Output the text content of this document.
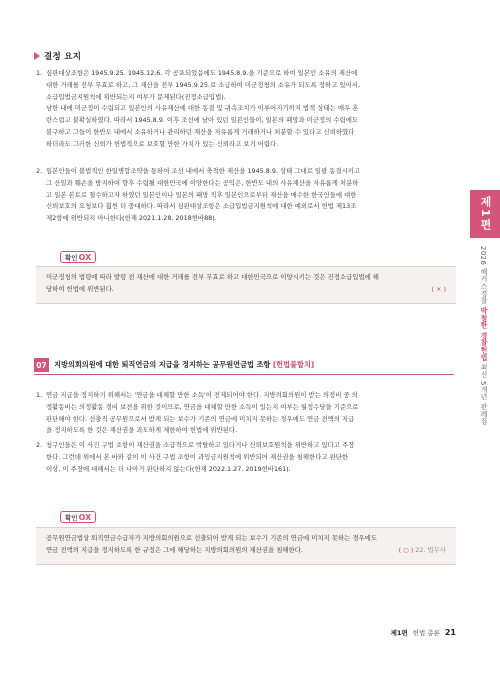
결정 요지
1. 심판대상조항은 1945.9.25. 1945.12.6. 각 공포되었음에도 1945.8.9.을 기준으로 하여 일본인 소유의 재산에
대한 거래를 전부 무효로 하고, 그 재산을 전부 1945.9.25.로 소급하여 미군정청의 소유가 되도록 정하고 있어서,
소급입법금지원칙에 위반되는지 여부가 문제된다(진정소급입법).
남한 내에 미군정이 수립되고 일본인의 사유재산에 대한 동결 및 귀속조치가 이루어지기까지 법적 상태는 매우 혼
란스럽고 불확실하였다. 따라서 1945.8.9. 이후 조선에 남아 있던 일본인들이, 일본의 패망과 미군정의 수립에도
불구하고 그들이 한반도 내에서 소유하거나 관리하던 재산을 자유롭게 거래하거나 처분할 수 있다고 신뢰하였다
하더라도 그러한 신뢰가 헌법적으로 보호할 만한 가치가 있는 신뢰라고 보기 어렵다.
2. 일본인들이 불법적인 한일병합조약을 통하여 조선 내에서 축적한 재산을 1945.8.9. 상태 그대로 일괄 동결시키고
그 산일과 훼손을 방지하여 향후 수립될 대한민국에 이양한다는 공익은, 한반도 내의 사유재산을 자유롭게 처분하
고 일본 본토로 철수하고자 하였던 일본인이나 일본의 패망 직후 일본인으로부터 재산을 매수한 한국인들에 대한
신뢰보호의 요청보다 훨씬 더 중대하다. 따라서 심판대상조항은 소급입법금지원칙에 대한 예외로서 헌법 제13조
제2항에 위반되지 아니한다(헌재 2021.1.28. 2018헌바88).
확인 OX
미군정청의 법령에 따라 발령 전 재산에 대한 거래를 전부 무효로 하고 대한민국으로 이양시키는 것은 진정소급입법에 해
당하여 헌법에 위반된다.	( × )
07	지방의회의원에 대한 퇴직연금의 지급을 정지하는 공무원연금법 조항 [헌법불합치]
1. 연금 지급을 정지하기 위해서는 '연금을 대체할 만한 소득'이 전제되어야 한다. 지방의회의원이 받는 의정비 중 의
정활동비는 의정활동 경비 보전을 위한 것이므로, 연금을 대체할 만한 소득이 있는지 여부는 월정수당을 기준으로
판단해야 한다. 선출직 공무원으로서 받게 되는 보수가 기존의 연금에 미치지 못하는 경우에도 연금 전액의 지급
을 정지하도록 한 것은 재산권을 과도하게 제한하여 헌법에 위반된다.
2. 청구인들은 이 사건 구법 조항이 재산권을 소급적으로 박탈하고 있다거나 신뢰보호원칙을 위반하고 있다고 주장
한다. 그런데 위에서 본 바와 같이 이 사건 구법 조항이 과잉금지원칙에 위반되어 재산권을 침해한다고 판단한
이상, 이 주장에 대해서는 더 나아가 판단하지 않는다(헌재 2022.1.27. 2019헌바161).
확인 OX
공무원연금법상 퇴직연금수급자가 지방의회의원으로 선출되어 받게 되는 보수가 기존의 연금에 미치지 못하는 경우에도
연금 전액의 지급을 정지하도록 한 규정은 그에 해당하는 지방의회의원의 재산권을 침해한다.	( ○ ) 22. 법무사
제1편
2026 해커스경찰 박철한 경찰헌법 최신 5개년 판례집
제1편 헌법 총론 21
